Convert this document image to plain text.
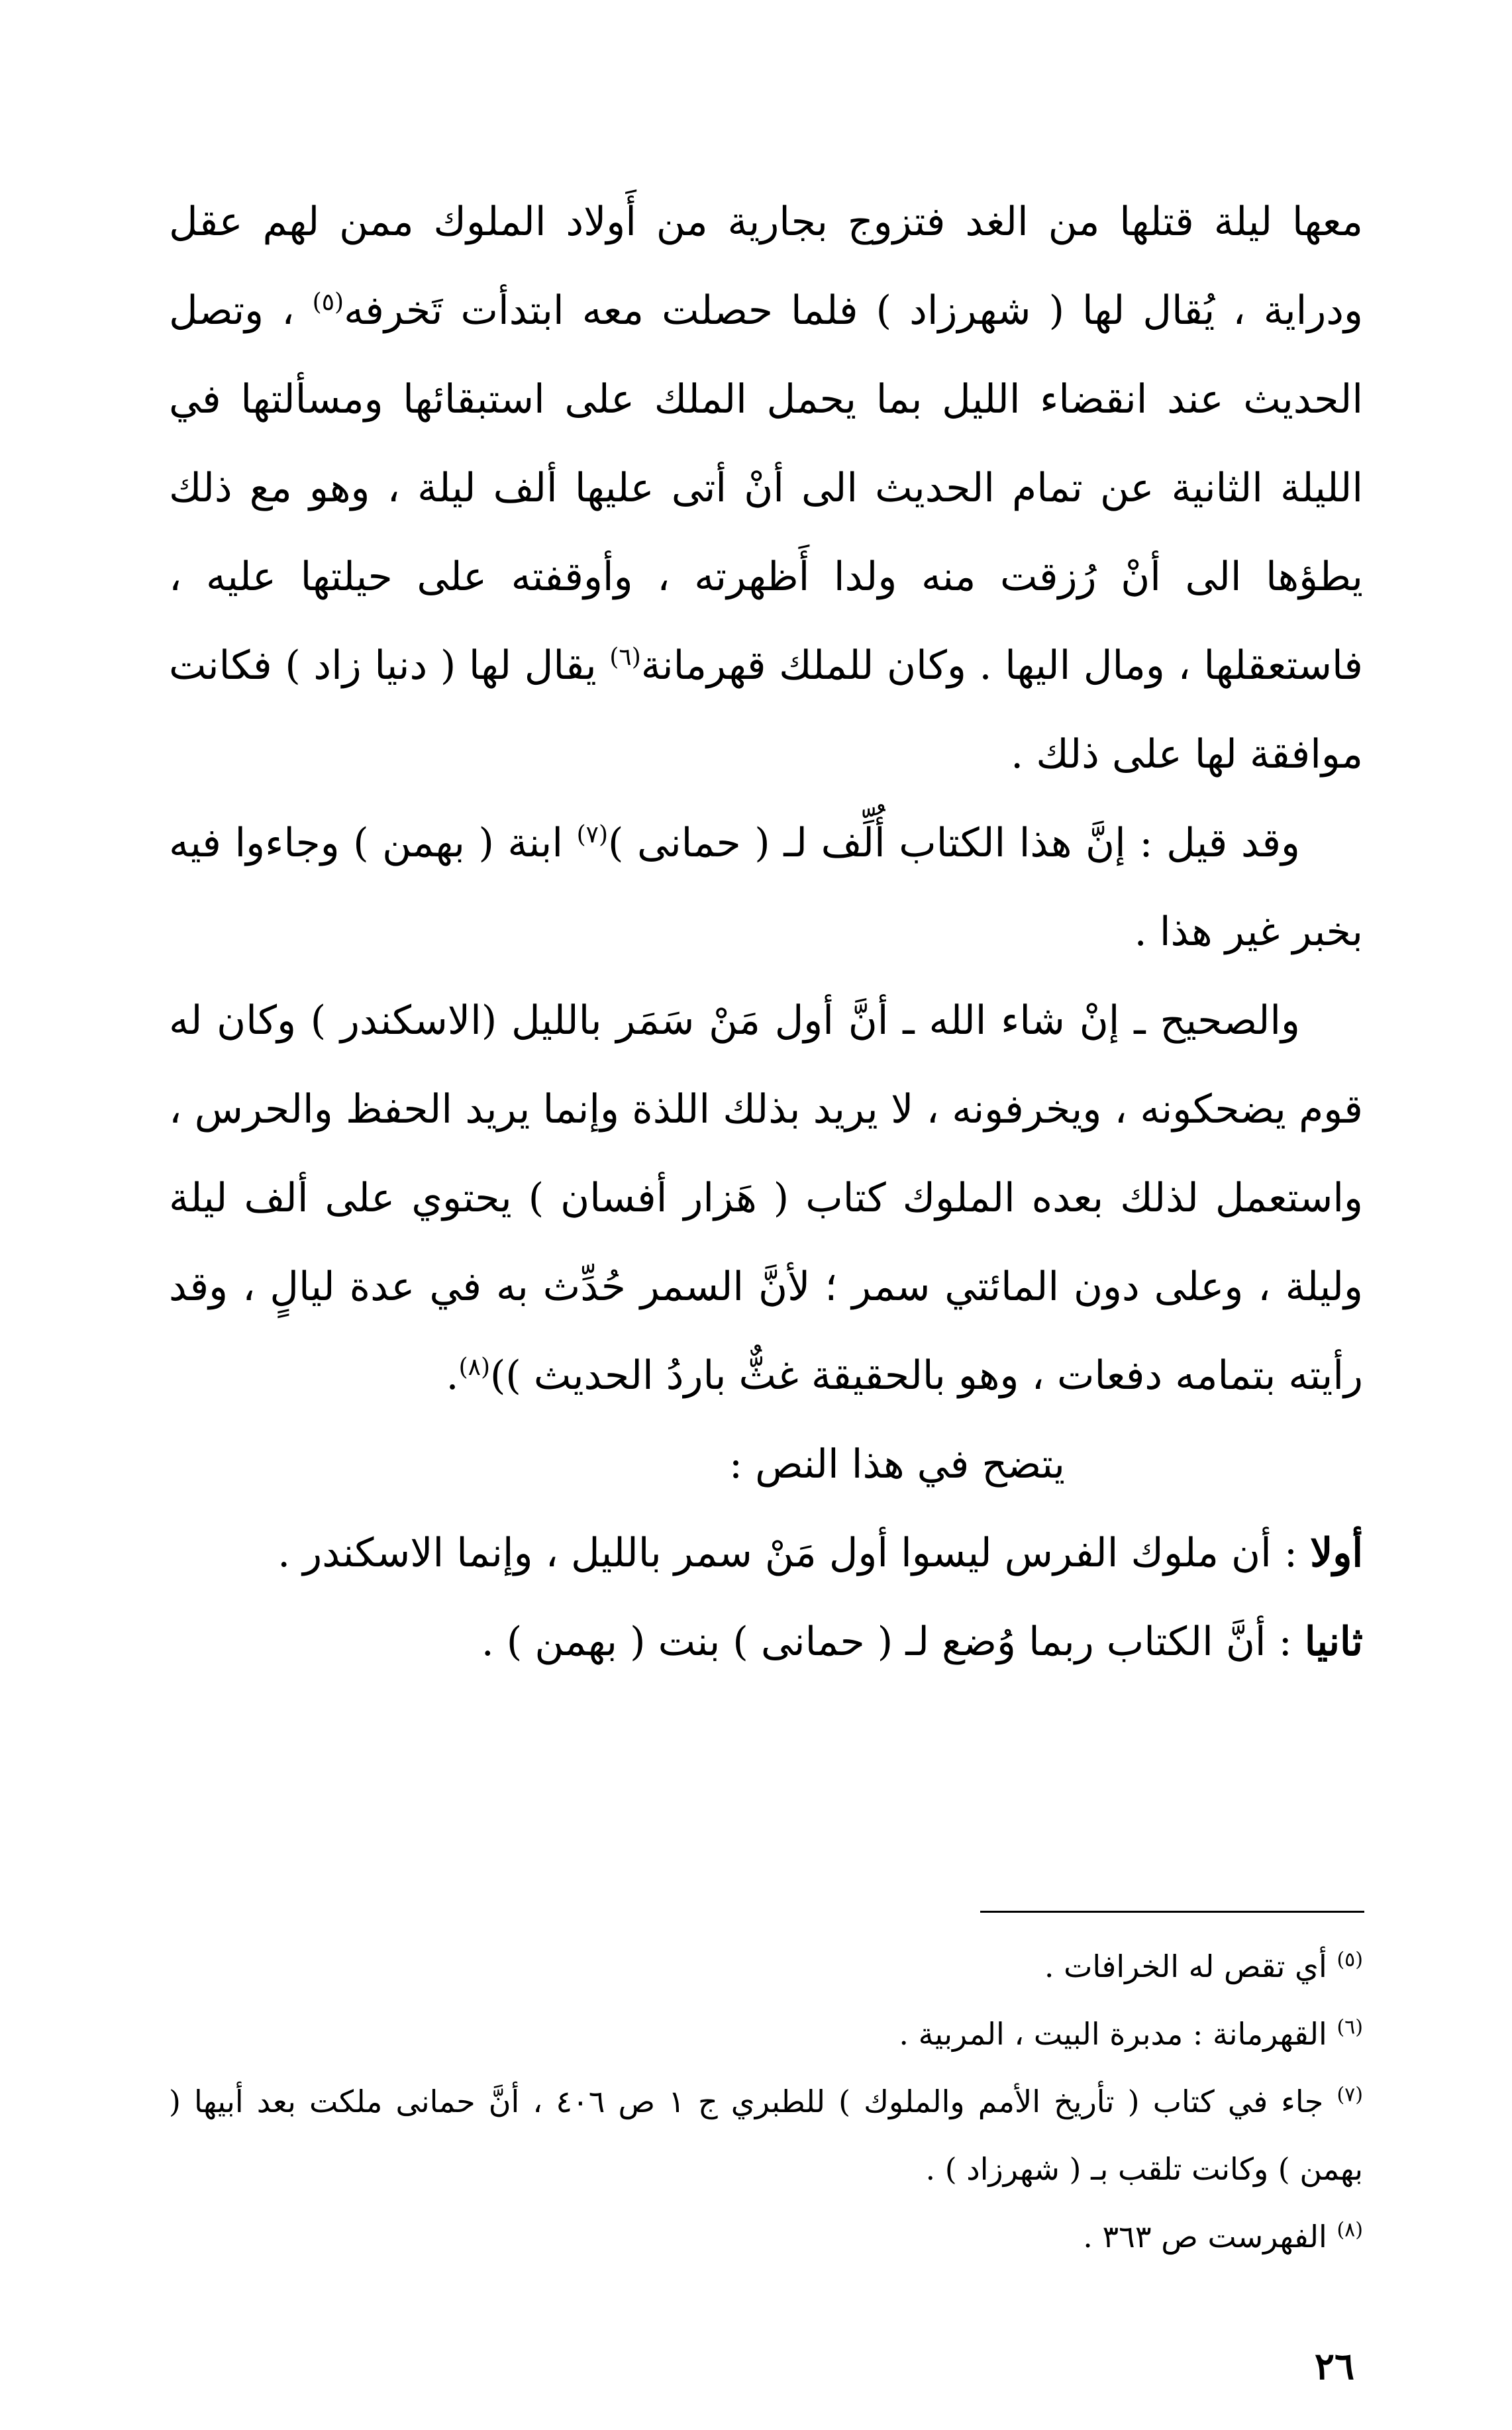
معها ليلة قتلها من الغد فتزوج بجارية من أَولاد الملوك ممن لهم عقل ودراية ، يُقال لها ( شهرزاد ) فلما حصلت معه ابتدأت تَخرفه$^{(٥)}$ ، وتصل الحديث عند انقضاء الليل بما يحمل الملك على استبقائها ومسألتها في الليلة الثانية عن تمام الحديث الى أنْ أتى عليها ألف ليلة ، وهو مع ذلك يطؤها الى أنْ رُزقت منه ولدا أَظهرته ، وأوقفته على حيلتها عليه ، فاستعقلها ، ومال اليها . وكان للملك قهرمانة$^{(٦)}$ يقال لها ( دنيا زاد ) فكانت موافقة لها على ذلك .

وقد قيل : إنَّ هذا الكتاب أُلِّف لـ ( حمانى )$^{(٧)}$ ابنة ( بهمن ) وجاءوا فيه بخبر غير هذا .

والصحيح ـ إنْ شاء الله ـ أنَّ أول مَنْ سَمَر بالليل (الاسكندر ) وكان له قوم يضحكونه ، ويخرفونه ، لا يريد بذلك اللذة وإنما يريد الحفظ والحرس ، واستعمل لذلك بعده الملوك كتاب ( هَزار أفسان ) يحتوي على ألف ليلة وليلة ، وعلى دون المائتي سمر ؛ لأنَّ السمر حُدِّث به في عدة ليالٍ ، وقد رأيته بتمامه دفعات ، وهو بالحقيقة غثٌّ باردُ الحديث ))$^{(٨)}$.

يتضح في هذا النص :

أولا : أن ملوك الفرس ليسوا أول مَنْ سمر بالليل ، وإنما الاسكندر .

ثانيا : أنَّ الكتاب ربما وُضع لـ ( حمانى ) بنت ( بهمن ) .

$^{(٥)}$ أي تقص له الخرافات .

$^{(٦)}$ القهرمانة : مدبرة البيت ، المربية .

$^{(٧)}$ جاء في كتاب ( تأريخ الأمم والملوك ) للطبري ج ١ ص ٤٠٦ ، أنَّ حمانى ملكت بعد أبيها ( بهمن ) وكانت تلقب بـ ( شهرزاد ) .

$^{(٨)}$ الفهرست ص ٣٦٣ .

٢٦
